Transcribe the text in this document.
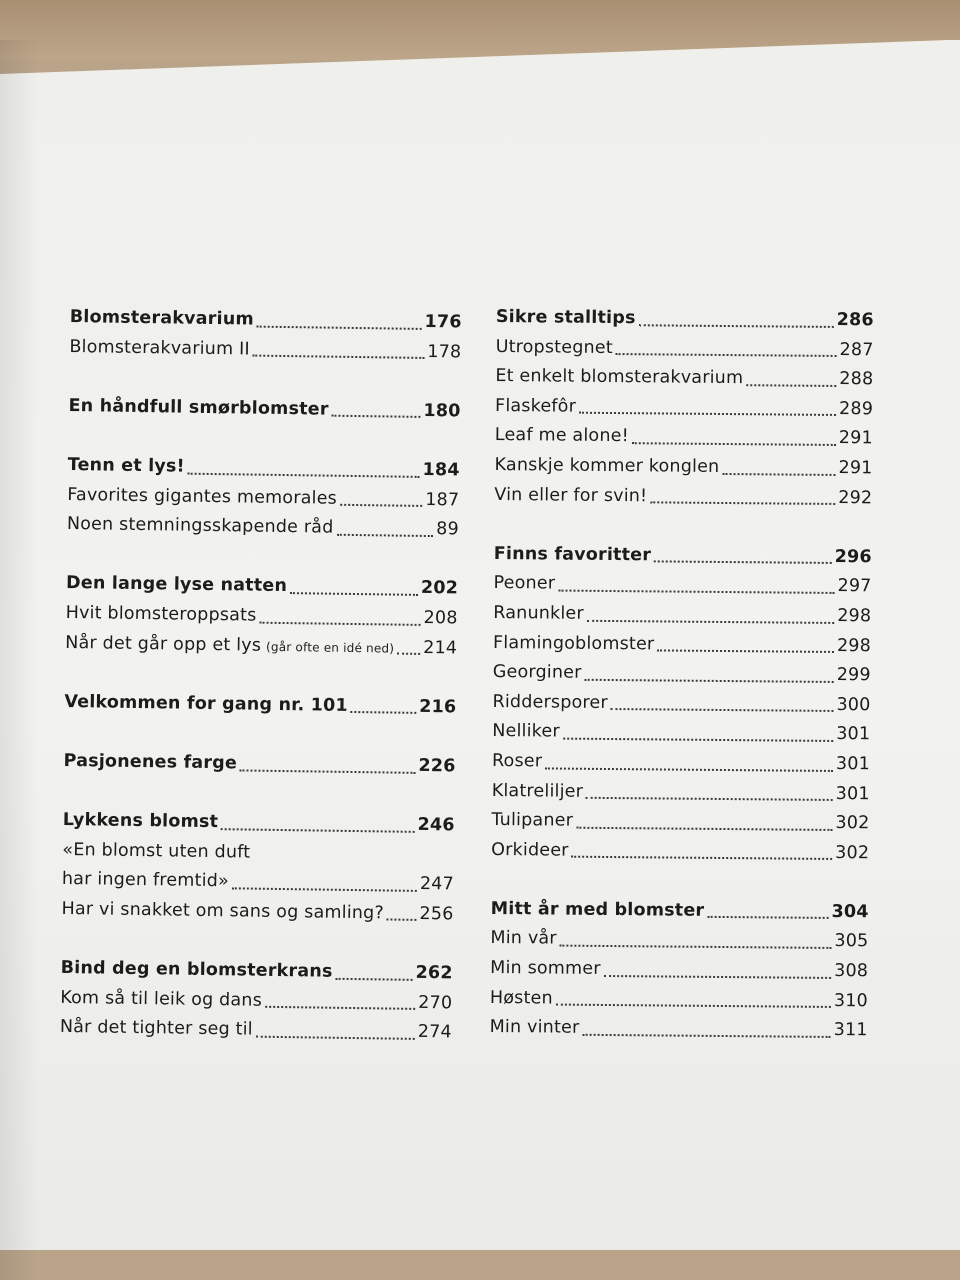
Blomsterakvarium	176
Blomsterakvarium II	178
En håndfull smørblomster	180
Tenn et lys!	184
Favorites gigantes memorales	187
Noen stemningsskapende råd	89
Den lange lyse natten	202
Hvit blomsteroppsats	208
Når det går opp et lys (går ofte en idé ned) 214
Velkommen for gang nr. 101	216
Pasjonenes farge	226
Lykkens blomst	246
«En blomst uten duft
har ingen fremtid»	247
Har vi snakket om sans og samling? 256
Bind deg en blomsterkrans	262
Kom så til leik og dans	270
Når det tighter seg til	274
Sikre stalltips	286
Utropstegnet	287
Et enkelt blomsterakvarium	288
Flaskefôr	289
Leaf me alone!	291
Kanskje kommer konglen	291
Vin eller for svin!	292
Finns favoritter	296
Peoner	297
Ranunkler	298
Flamingoblomster	298
Georginer	299
Riddersporer	300
Nelliker	301
Roser	301
Klatreliljer	301
Tulipaner	302
Orkideer	302
Mitt år med blomster	304
Min vår	305
Min sommer	308
Høsten	310
Min vinter	311
